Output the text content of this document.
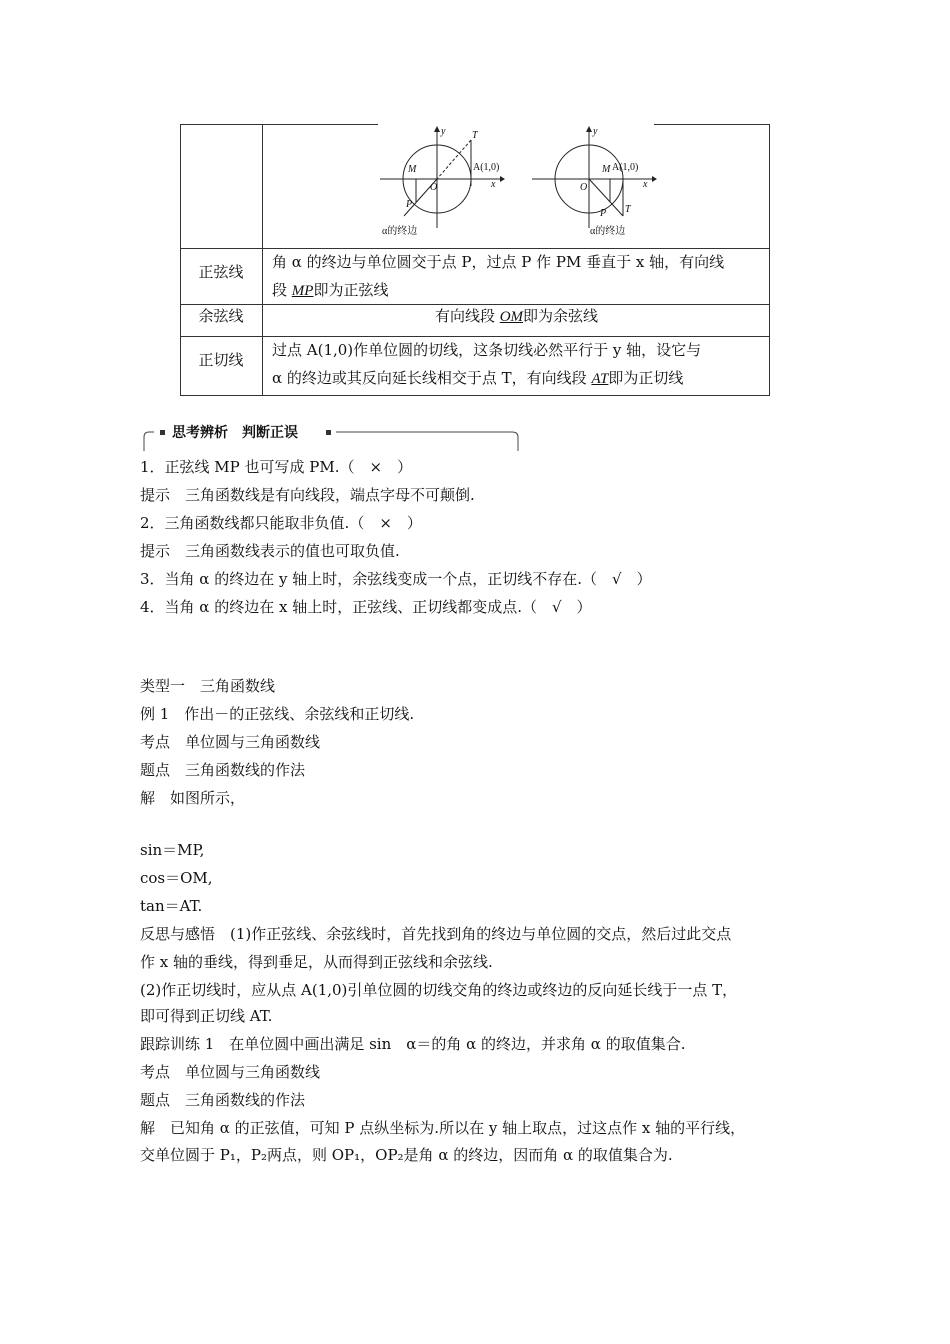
y	T
M
O
P
A(1,0)
x
α的终边
y
T
M
O
P
A(1,0)
x
α的终边
正弦线
角 α 的终边与单位圆交于点 P，过点 P 作 PM 垂直于 x 轴，有向线
段 MP即为正弦线
余弦线	有向线段 OM即为余弦线
正切线
过点 A(1,0)作单位圆的切线，这条切线必然平行于 y 轴，设它与
α 的终边或其反向延长线相交于点 T，有向线段 AT即为正切线
思考辨析　判断正误
1．正弦线 MP 也可写成 PM.（　×　）
提示　三角函数线是有向线段，端点字母不可颠倒.
2．三角函数线都只能取非负值.（　×　）
提示　三角函数线表示的值也可取负值.
3．当角 α 的终边在 y 轴上时，余弦线变成一个点，正切线不存在.（　√　）
4．当角 α 的终边在 x 轴上时，正弦线、正切线都变成点.（　√　）
类型一　三角函数线
例 1　作出－的正弦线、余弦线和正切线.
考点　单位圆与三角函数线
题点　三角函数线的作法
解　如图所示，
sin＝MP,
cos＝OM,
tan＝AT.
反思与感悟　(1)作正弦线、余弦线时，首先找到角的终边与单位圆的交点，然后过此交点
作 x 轴的垂线，得到垂足，从而得到正弦线和余弦线.
(2)作正切线时，应从点 A(1,0)引单位圆的切线交角的终边或终边的反向延长线于一点 T，
即可得到正切线 AT.
跟踪训练 1　在单位圆中画出满足 sin　α＝的角 α 的终边，并求角 α 的取值集合.
考点　单位圆与三角函数线
题点　三角函数线的作法
解　已知角 α 的正弦值，可知 P 点纵坐标为.所以在 y 轴上取点，过这点作 x 轴的平行线，
交单位圆于 P₁，P₂两点，则 OP₁，OP₂是角 α 的终边，因而角 α 的取值集合为.
